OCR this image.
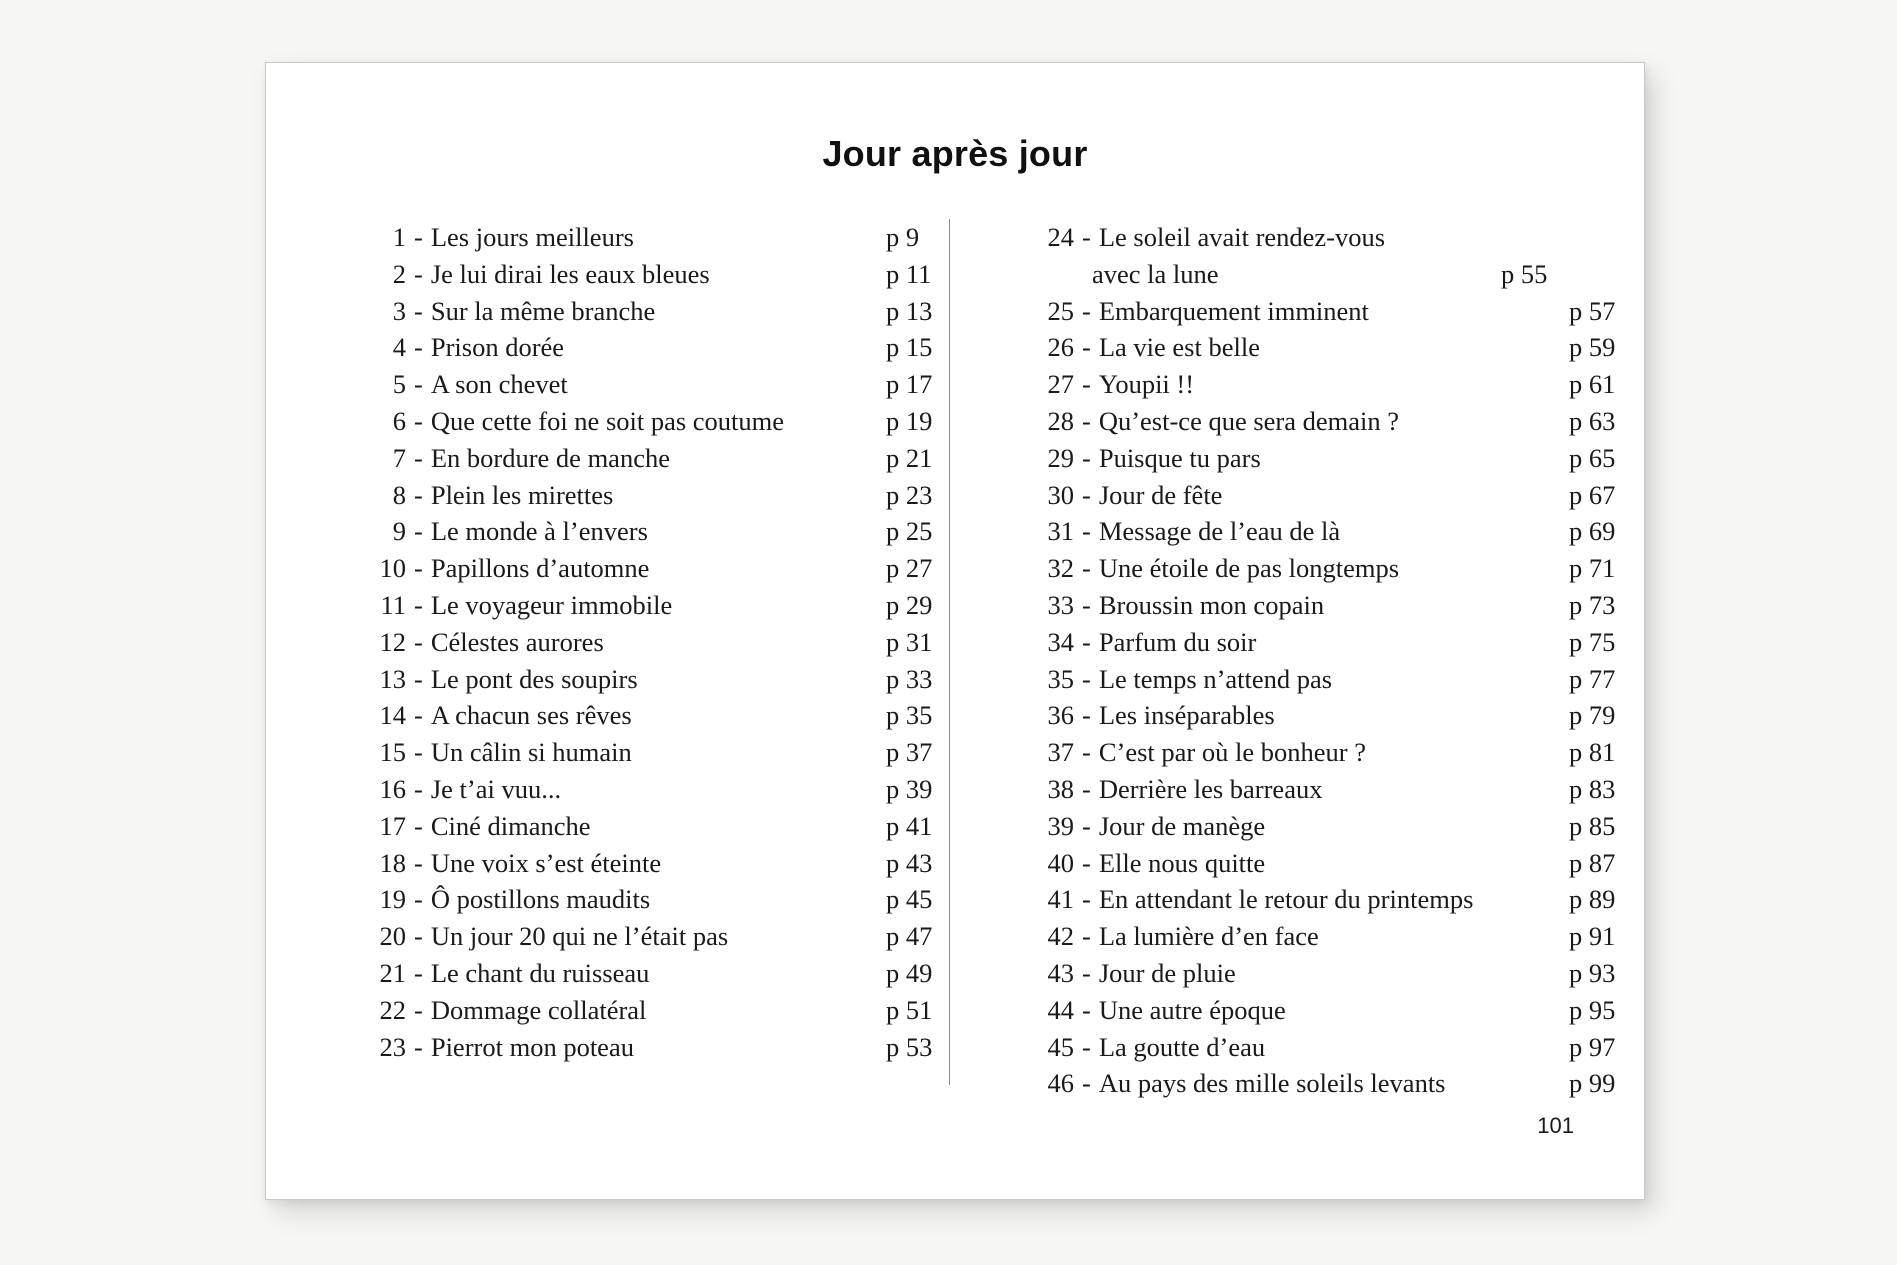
Jour après jour
1 - Les jours meilleurs	p 9
2 - Je lui dirai les eaux bleues	p 11
3 - Sur la même branche	p 13
4 - Prison dorée	p 15
5 - A son chevet	p 17
6 - Que cette foi ne soit pas coutume	p 19
7 - En bordure de manche	p 21
8 - Plein les mirettes	p 23
9 - Le monde à l’envers	p 25
10 - Papillons d’automne	p 27
11 - Le voyageur immobile	p 29
12 - Célestes aurores	p 31
13 - Le pont des soupirs	p 33
14 - A chacun ses rêves	p 35
15 - Un câlin si humain	p 37
16 - Je t’ai vuu...	p 39
17 - Ciné dimanche	p 41
18 - Une voix s’est éteinte	p 43
19 - Ô postillons maudits	p 45
20 - Un jour 20 qui ne l’était pas	p 47
21 - Le chant du ruisseau	p 49
22 - Dommage collatéral	p 51
23 - Pierrot mon poteau	p 53
24 - Le soleil avait rendez-vous
avec la lune	p 55
25 - Embarquement imminent	p 57
26 - La vie est belle	p 59
27 - Youpii !!	p 61
28 - Qu’est-ce que sera demain ?	p 63
29 - Puisque tu pars	p 65
30 - Jour de fête	p 67
31 - Message de l’eau de là	p 69
32 - Une étoile de pas longtemps	p 71
33 - Broussin mon copain	p 73
34 - Parfum du soir	p 75
35 - Le temps n’attend pas	p 77
36 - Les inséparables	p 79
37 - C’est par où le bonheur ?	p 81
38 - Derrière les barreaux	p 83
39 - Jour de manège	p 85
40 - Elle nous quitte	p 87
41 - En attendant le retour du printemps	p 89
42 - La lumière d’en face	p 91
43 - Jour de pluie	p 93
44 - Une autre époque	p 95
45 - La goutte d’eau	p 97
46 - Au pays des mille soleils levants	p 99
101
